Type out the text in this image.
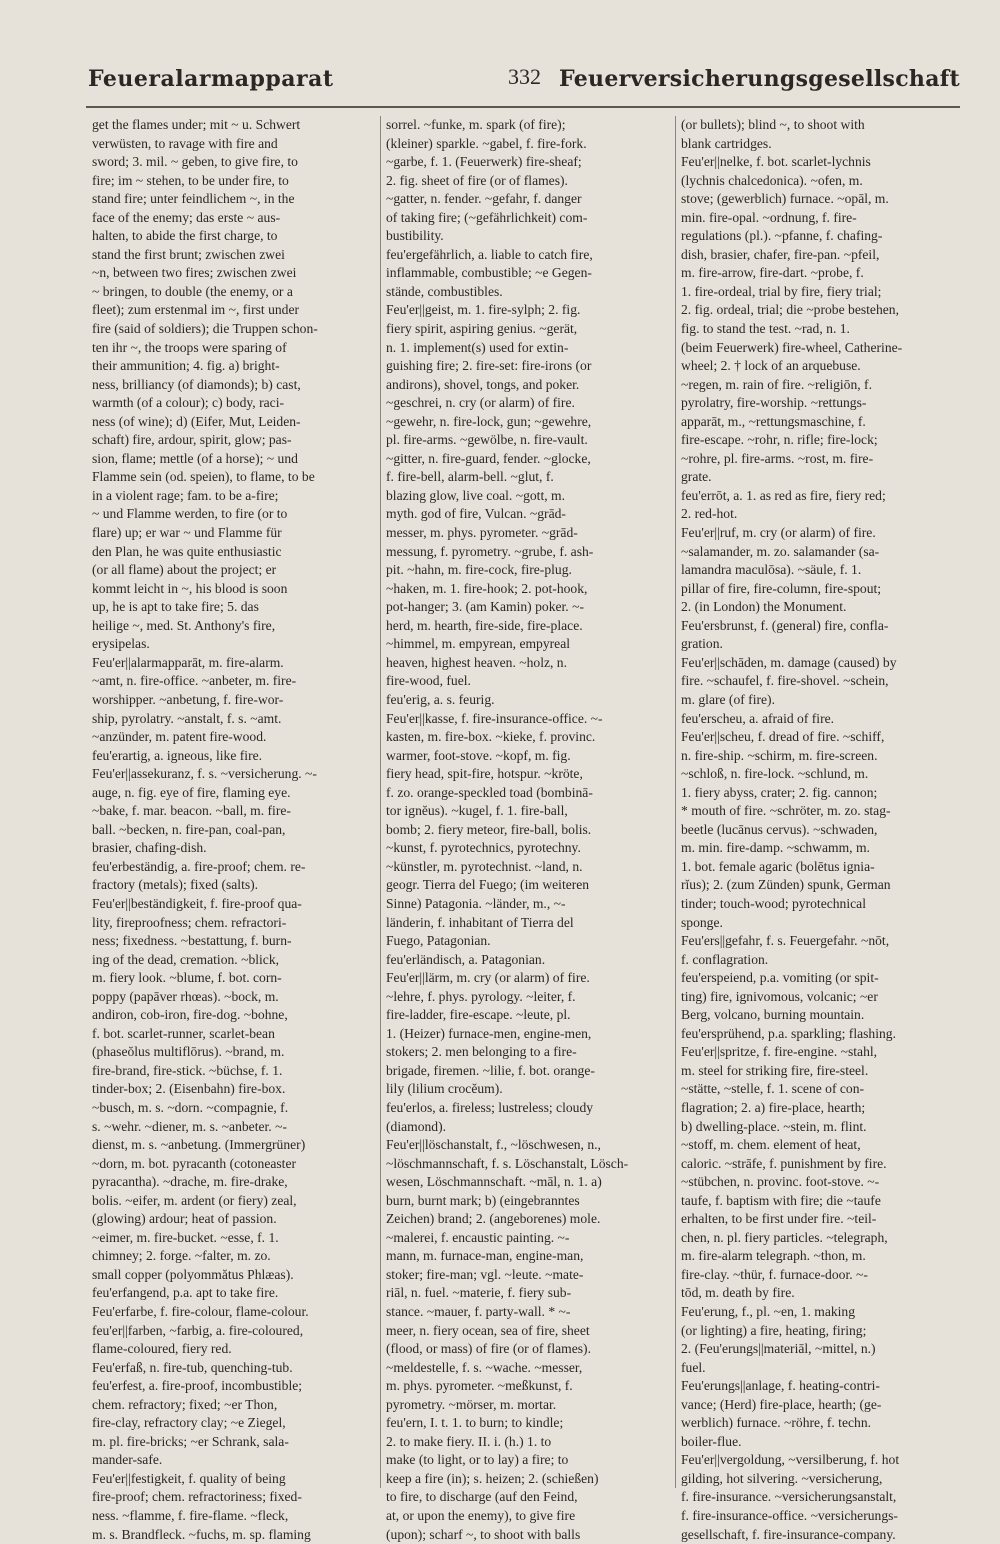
Feueralarmapparat	332 Feuerversicherungsgesellschaft
get the flames under; mit ~ u. Schwert
verwüsten, to ravage with fire and
sword; 3. mil. ~ geben, to give fire, to
fire; im ~ stehen, to be under fire, to
stand fire; unter feindlichem ~, in the
face of the enemy; das erste ~ aus-
halten, to abide the first charge, to
stand the first brunt; zwischen zwei
~n, between two fires; zwischen zwei
~ bringen, to double (the enemy, or a
fleet); zum erstenmal im ~, first under
fire (said of soldiers); die Truppen schon-
ten ihr ~, the troops were sparing of
their ammunition; 4. fig. a) bright-
ness, brilliancy (of diamonds); b) cast,
warmth (of a colour); c) body, raci-
ness (of wine); d) (Eifer, Mut, Leiden-
schaft) fire, ardour, spirit, glow; pas-
sion, flame; mettle (of a horse); ~ und
Flamme sein (od. speien), to flame, to be
in a violent rage; fam. to be a-fire;
~ und Flamme werden, to fire (or to
flare) up; er war ~ und Flamme für
den Plan, he was quite enthusiastic
(or all flame) about the project; er
kommt leicht in ~, his blood is soon
up, he is apt to take fire; 5. das
heilige ~, med. St. Anthony's fire,
erysipelas.
Feu'er||alarmapparāt, m. fire-alarm.
~amt, n. fire-office. ~anbeter, m. fire-
worshipper. ~anbetung, f. fire-wor-
ship, pyrolatry. ~anstalt, f. s. ~amt.
~anzünder, m. patent fire-wood.
feu'erartig, a. igneous, like fire.
Feu'er||assekuranz, f. s. ~versicherung. ~-
auge, n. fig. eye of fire, flaming eye.
~bake, f. mar. beacon. ~ball, m. fire-
ball. ~becken, n. fire-pan, coal-pan,
brasier, chafing-dish.
feu'erbeständig, a. fire-proof; chem. re-
fractory (metals); fixed (salts).
Feu'er||beständigkeit, f. fire-proof qua-
lity, fireproofness; chem. refractori-
ness; fixedness. ~bestattung, f. burn-
ing of the dead, cremation. ~blick,
m. fiery look. ~blume, f. bot. corn-
poppy (papāver rhœas). ~bock, m.
andiron, cob-iron, fire-dog. ~bohne,
f. bot. scarlet-runner, scarlet-bean
(phaseŏlus multiflōrus). ~brand, m.
fire-brand, fire-stick. ~büchse, f. 1.
tinder-box; 2. (Eisenbahn) fire-box.
~busch, m. s. ~dorn. ~compagnie, f.
s. ~wehr. ~diener, m. s. ~anbeter. ~-
dienst, m. s. ~anbetung. (Immergrüner)
~dorn, m. bot. pyracanth (cotoneaster
pyracantha). ~drache, m. fire-drake,
bolis. ~eifer, m. ardent (or fiery) zeal,
(glowing) ardour; heat of passion.
~eimer, m. fire-bucket. ~esse, f. 1.
chimney; 2. forge. ~falter, m. zo.
small copper (polyommătus Phlæas).
feu'erfangend, p.a. apt to take fire.
Feu'erfarbe, f. fire-colour, flame-colour.
feu'er||farben, ~farbig, a. fire-coloured,
flame-coloured, fiery red.
Feu'erfaß, n. fire-tub, quenching-tub.
feu'erfest, a. fire-proof, incombustible;
chem. refractory; fixed; ~er Thon,
fire-clay, refractory clay; ~e Ziegel,
m. pl. fire-bricks; ~er Schrank, sala-
mander-safe.
Feu'er||festigkeit, f. quality of being
fire-proof; chem. refractoriness; fixed-
ness. ~flamme, f. fire-flame. ~fleck,
m. s. Brandfleck. ~fuchs, m. sp. flaming
sorrel. ~funke, m. spark (of fire);
(kleiner) sparkle. ~gabel, f. fire-fork.
~garbe, f. 1. (Feuerwerk) fire-sheaf;
2. fig. sheet of fire (or of flames).
~gatter, n. fender. ~gefahr, f. danger
of taking fire; (~gefährlichkeit) com-
bustibility.
feu'ergefährlich, a. liable to catch fire,
inflammable, combustible; ~e Gegen-
stände, combustibles.
Feu'er||geist, m. 1. fire-sylph; 2. fig.
fiery spirit, aspiring genius. ~gerät,
n. 1. implement(s) used for extin-
guishing fire; 2. fire-set: fire-irons (or
andirons), shovel, tongs, and poker.
~geschrei, n. cry (or alarm) of fire.
~gewehr, n. fire-lock, gun; ~gewehre,
pl. fire-arms. ~gewölbe, n. fire-vault.
~gitter, n. fire-guard, fender. ~glocke,
f. fire-bell, alarm-bell. ~glut, f.
blazing glow, live coal. ~gott, m.
myth. god of fire, Vulcan. ~grād-
messer, m. phys. pyrometer. ~grād-
messung, f. pyrometry. ~grube, f. ash-
pit. ~hahn, m. fire-cock, fire-plug.
~haken, m. 1. fire-hook; 2. pot-hook,
pot-hanger; 3. (am Kamin) poker. ~-
herd, m. hearth, fire-side, fire-place.
~himmel, m. empyrean, empyreal
heaven, highest heaven. ~holz, n.
fire-wood, fuel.
feu'erig, a. s. feurig.
Feu'er||kasse, f. fire-insurance-office. ~-
kasten, m. fire-box. ~kieke, f. provinc.
warmer, foot-stove. ~kopf, m. fig.
fiery head, spit-fire, hotspur. ~kröte,
f. zo. orange-speckled toad (bombinā-
tor ignĕus). ~kugel, f. 1. fire-ball,
bomb; 2. fiery meteor, fire-ball, bolis.
~kunst, f. pyrotechnics, pyrotechny.
~künstler, m. pyrotechnist. ~land, n.
geogr. Tierra del Fuego; (im weiteren
Sinne) Patagonia. ~länder, m., ~-
länderin, f. inhabitant of Tierra del
Fuego, Patagonian.
feu'erländisch, a. Patagonian.
Feu'er||lärm, m. cry (or alarm) of fire.
~lehre, f. phys. pyrology. ~leiter, f.
fire-ladder, fire-escape. ~leute, pl.
1. (Heizer) furnace-men, engine-men,
stokers; 2. men belonging to a fire-
brigade, firemen. ~lilie, f. bot. orange-
lily (lilium crocĕum).
feu'erlos, a. fireless; lustreless; cloudy
(diamond).
Feu'er||löschanstalt, f., ~löschwesen, n.,
~löschmannschaft, f. s. Löschanstalt, Lösch-
wesen, Löschmannschaft. ~māl, n. 1. a)
burn, burnt mark; b) (eingebranntes
Zeichen) brand; 2. (angeborenes) mole.
~malerei, f. encaustic painting. ~-
mann, m. furnace-man, engine-man,
stoker; fire-man; vgl. ~leute. ~mate-
riāl, n. fuel. ~materie, f. fiery sub-
stance. ~mauer, f. party-wall. * ~-
meer, n. fiery ocean, sea of fire, sheet
(flood, or mass) of fire (or of flames).
~meldestelle, f. s. ~wache. ~messer,
m. phys. pyrometer. ~meßkunst, f.
pyrometry. ~mörser, m. mortar.
feu'ern, I. t. 1. to burn; to kindle;
2. to make fiery. II. i. (h.) 1. to
make (to light, or to lay) a fire; to
keep a fire (in); s. heizen; 2. (schießen)
to fire, to discharge (auf den Feind,
at, or upon the enemy), to give fire
(upon); scharf ~, to shoot with balls
(or bullets); blind ~, to shoot with
blank cartridges.
Feu'er||nelke, f. bot. scarlet-lychnis
(lychnis chalcedonica). ~ofen, m.
stove; (gewerblich) furnace. ~opāl, m.
min. fire-opal. ~ordnung, f. fire-
regulations (pl.). ~pfanne, f. chafing-
dish, brasier, chafer, fire-pan. ~pfeil,
m. fire-arrow, fire-dart. ~probe, f.
1. fire-ordeal, trial by fire, fiery trial;
2. fig. ordeal, trial; die ~probe bestehen,
fig. to stand the test. ~rad, n. 1.
(beim Feuerwerk) fire-wheel, Catherine-
wheel; 2. † lock of an arquebuse.
~regen, m. rain of fire. ~religiōn, f.
pyrolatry, fire-worship. ~rettungs-
apparāt, m., ~rettungsmaschine, f.
fire-escape. ~rohr, n. rifle; fire-lock;
~rohre, pl. fire-arms. ~rost, m. fire-
grate.
feu'errōt, a. 1. as red as fire, fiery red;
2. red-hot.
Feu'er||ruf, m. cry (or alarm) of fire.
~salamander, m. zo. salamander (sa-
lamandra maculōsa). ~säule, f. 1.
pillar of fire, fire-column, fire-spout;
2. (in London) the Monument.
Feu'ersbrunst, f. (general) fire, confla-
gration.
Feu'er||schāden, m. damage (caused) by
fire. ~schaufel, f. fire-shovel. ~schein,
m. glare (of fire).
feu'erscheu, a. afraid of fire.
Feu'er||scheu, f. dread of fire. ~schiff,
n. fire-ship. ~schirm, m. fire-screen.
~schloß, n. fire-lock. ~schlund, m.
1. fiery abyss, crater; 2. fig. cannon;
* mouth of fire. ~schröter, m. zo. stag-
beetle (lucānus cervus). ~schwaden,
m. min. fire-damp. ~schwamm, m.
1. bot. female agaric (bolētus ignia-
rĭus); 2. (zum Zünden) spunk, German
tinder; touch-wood; pyrotechnical
sponge.
Feu'ers||gefahr, f. s. Feuergefahr. ~nōt,
f. conflagration.
feu'erspeiend, p.a. vomiting (or spit-
ting) fire, ignivomous, volcanic; ~er
Berg, volcano, burning mountain.
feu'ersprühend, p.a. sparkling; flashing.
Feu'er||spritze, f. fire-engine. ~stahl,
m. steel for striking fire, fire-steel.
~stätte, ~stelle, f. 1. scene of con-
flagration; 2. a) fire-place, hearth;
b) dwelling-place. ~stein, m. flint.
~stoff, m. chem. element of heat,
caloric. ~strāfe, f. punishment by fire.
~stübchen, n. provinc. foot-stove. ~-
taufe, f. baptism with fire; die ~taufe
erhalten, to be first under fire. ~teil-
chen, n. pl. fiery particles. ~telegraph,
m. fire-alarm telegraph. ~thon, m.
fire-clay. ~thür, f. furnace-door. ~-
tōd, m. death by fire.
Feu'erung, f., pl. ~en, 1. making
(or lighting) a fire, heating, firing;
2. (Feu'erungs||materiāl, ~mittel, n.)
fuel.
Feu'erungs||anlage, f. heating-contri-
vance; (Herd) fire-place, hearth; (ge-
werblich) furnace. ~röhre, f. techn.
boiler-flue.
Feu'er||vergoldung, ~versilberung, f. hot
gilding, hot silvering. ~versicherung,
f. fire-insurance. ~versicherungsanstalt,
f. fire-insurance-office. ~versicherungs-
gesellschaft, f. fire-insurance-company.
